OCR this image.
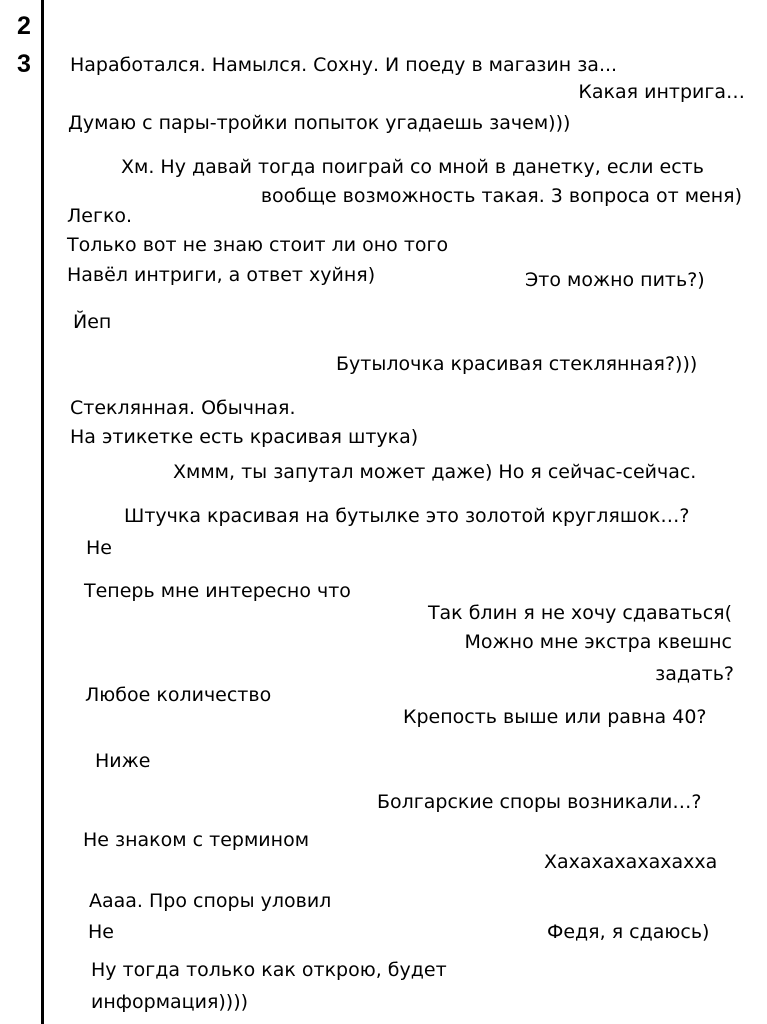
2
3	Наработался. Намылся. Сохну. И поеду в магазин за...
Какая интрига…
Думаю с пары-тройки попыток угадаешь зачем)))
Хм. Ну давай тогда поиграй со мной в данетку, если есть
вообще возможность такая. 3 вопроса от меня)
Легко.
Только вот не знаю стоит ли оно того
Навёл интриги, а ответ хуйня)	Это можно пить?)
Йеп
Бутылочка красивая стеклянная?)))
Стеклянная. Обычная.
На этикетке есть красивая штука)
Хммм, ты запутал может даже) Но я сейчас-сейчас.
Штучка красивая на бутылке это золотой кругляшок…?
Не
Теперь мне интересно что
Так блин я не хочу сдаваться(
Можно мне экстра квешнс
задать?
Любое количество
Крепость выше или равна 40?
Ниже
Болгарские споры возникали…?
Не знаком с термином
Хахахахахахахха
Аааа. Про споры уловил
Не	Федя, я сдаюсь)
Ну тогда только как открою, будет
информация))))
